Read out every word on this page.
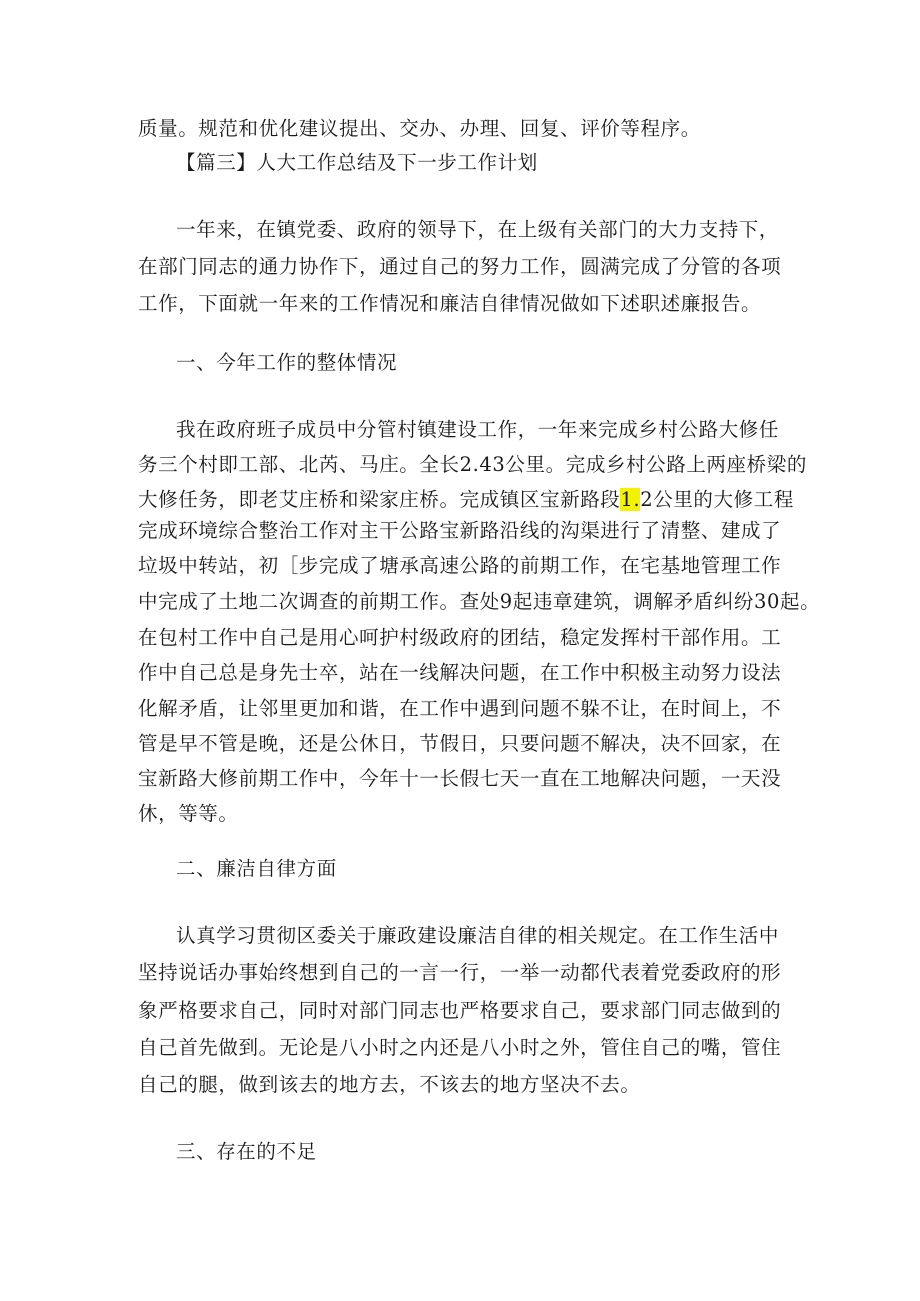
质量。规范和优化建议提出、交办、办理、回复、评价等程序。
【篇三】人大工作总结及下一步工作计划
一年来，在镇党委、政府的领导下，在上级有关部门的大力支持下，
在部门同志的通力协作下，通过自己的努力工作，圆满完成了分管的各项
工作，下面就一年来的工作情况和廉洁自律情况做如下述职述廉报告。
一、今年工作的整体情况
我在政府班子成员中分管村镇建设工作，一年来完成乡村公路大修任
务三个村即工部、北芮、马庄。全长2.43公里。完成乡村公路上两座桥梁的
大修任务，即老艾庄桥和梁家庄桥。完成镇区宝新路段1.2公里的大修工程
完成环境综合整治工作对主干公路宝新路沿线的沟渠进行了清整、建成了
垃圾中转站，初［步完成了塘承高速公路的前期工作，在宅基地管理工作
中完成了土地二次调查的前期工作。查处9起违章建筑，调解矛盾纠纷30起。
在包村工作中自己是用心呵护村级政府的团结，稳定发挥村干部作用。工
作中自己总是身先士卒，站在一线解决问题，在工作中积极主动努力设法
化解矛盾，让邻里更加和谐，在工作中遇到问题不躲不让，在时间上，不
管是早不管是晚，还是公休日，节假日，只要问题不解决，决不回家，在
宝新路大修前期工作中，今年十一长假七天一直在工地解决问题，一天没
休，等等。
二、廉洁自律方面
认真学习贯彻区委关于廉政建设廉洁自律的相关规定。在工作生活中
坚持说话办事始终想到自己的一言一行，一举一动都代表着党委政府的形
象严格要求自己，同时对部门同志也严格要求自己，要求部门同志做到的
自己首先做到。无论是八小时之内还是八小时之外，管住自己的嘴，管住
自己的腿，做到该去的地方去，不该去的地方坚决不去。
三、存在的不足
